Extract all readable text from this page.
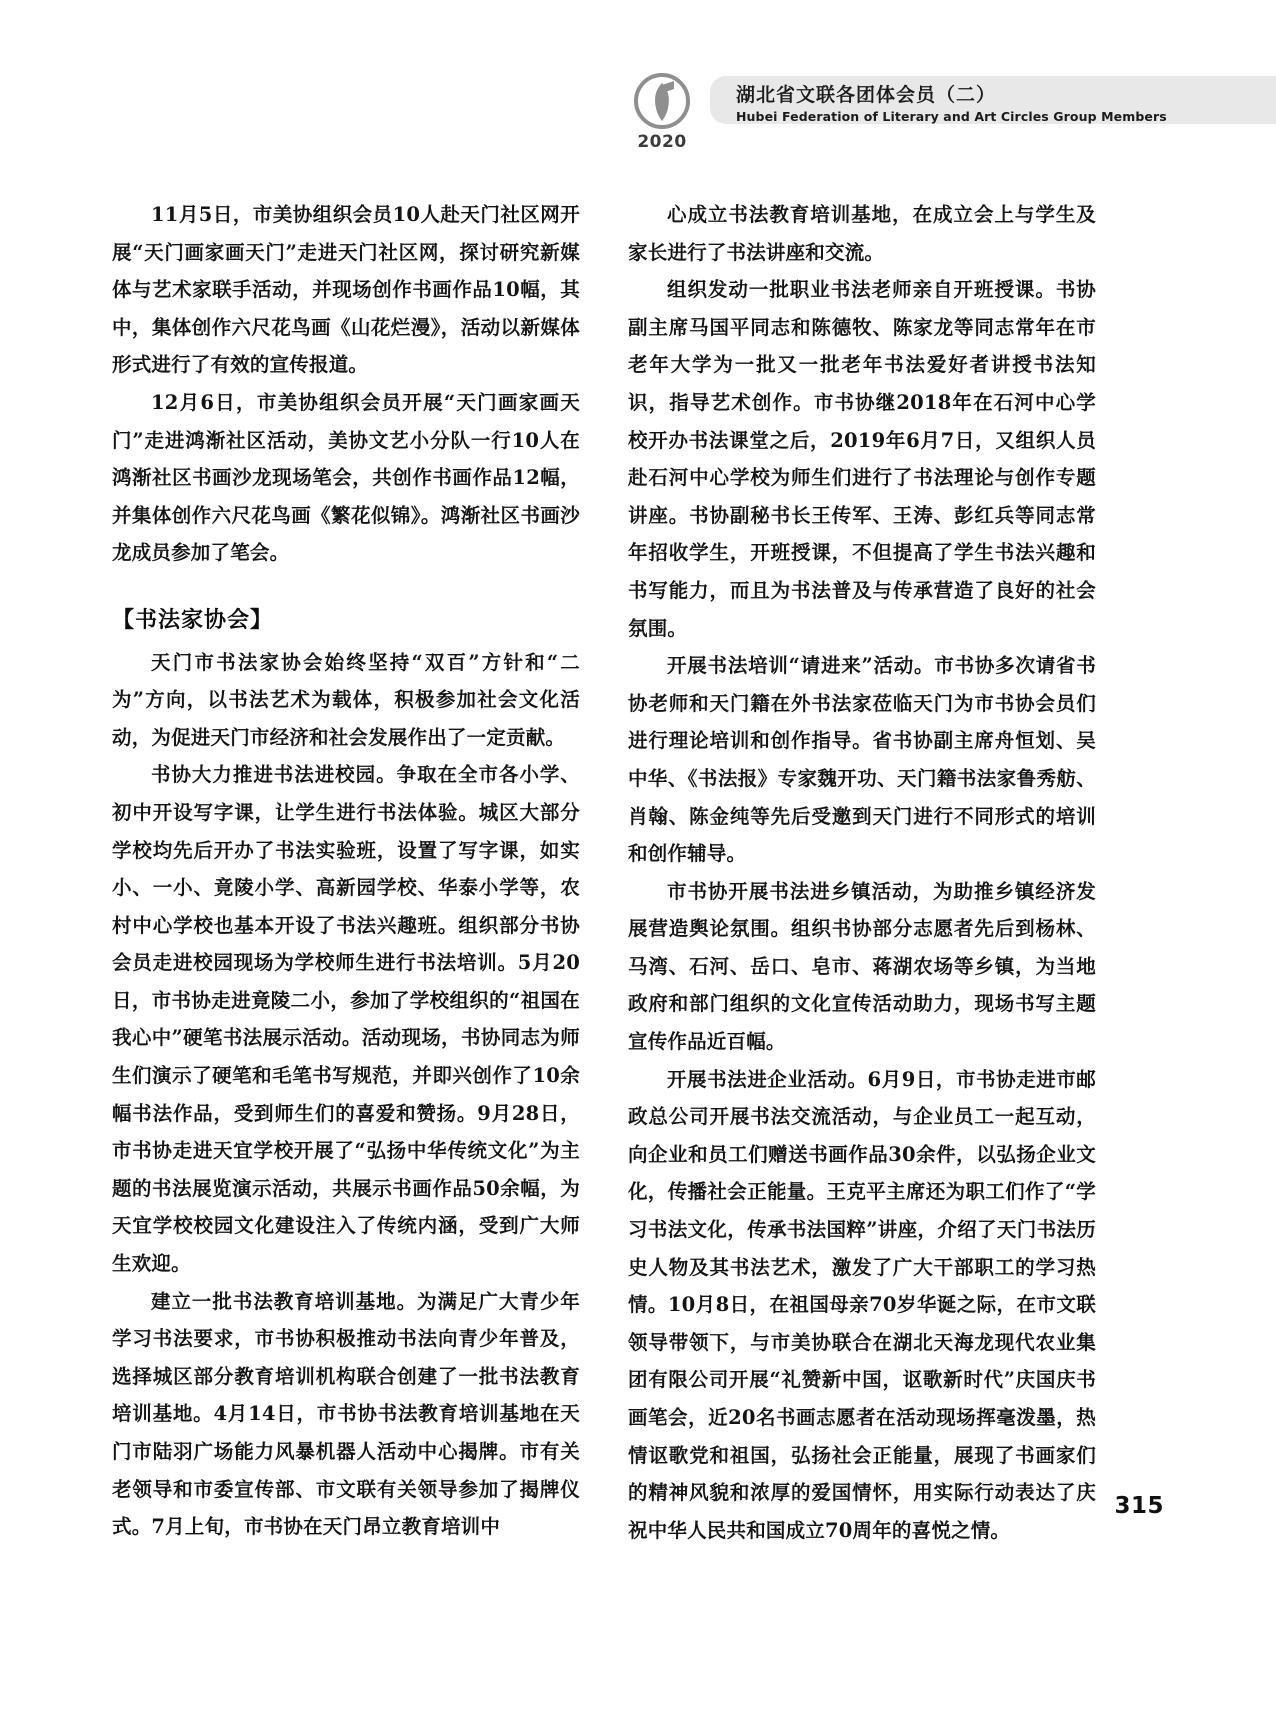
2020
湖北省文联各团体会员（二）
Hubei Federation of Literary and Art Circles Group Members

11月5日，市美协组织会员10人赴天门社区网开展“天门画家画天门”走进天门社区网，探讨研究新媒体与艺术家联手活动，并现场创作书画作品10幅，其中，集体创作六尺花鸟画《山花烂漫》，活动以新媒体形式进行了有效的宣传报道。

12月6日，市美协组织会员开展“天门画家画天门”走进鸿渐社区活动，美协文艺小分队一行10人在鸿渐社区书画沙龙现场笔会，共创作书画作品12幅，并集体创作六尺花鸟画《繁花似锦》。鸿渐社区书画沙龙成员参加了笔会。

【书法家协会】

天门市书法家协会始终坚持“双百”方针和“二为”方向，以书法艺术为载体，积极参加社会文化活动，为促进天门市经济和社会发展作出了一定贡献。

书协大力推进书法进校园。争取在全市各小学、初中开设写字课，让学生进行书法体验。城区大部分学校均先后开办了书法实验班，设置了写字课，如实小、一小、竟陵小学、高新园学校、华泰小学等，农村中心学校也基本开设了书法兴趣班。组织部分书协会员走进校园现场为学校师生进行书法培训。5月20日，市书协走进竟陵二小，参加了学校组织的“祖国在我心中”硬笔书法展示活动。活动现场，书协同志为师生们演示了硬笔和毛笔书写规范，并即兴创作了10余幅书法作品，受到师生们的喜爱和赞扬。9月28日，市书协走进天宜学校开展了“弘扬中华传统文化”为主题的书法展览演示活动，共展示书画作品50余幅，为天宜学校校园文化建设注入了传统内涵，受到广大师生欢迎。

建立一批书法教育培训基地。为满足广大青少年学习书法要求，市书协积极推动书法向青少年普及，选择城区部分教育培训机构联合创建了一批书法教育培训基地。4月14日，市书协书法教育培训基地在天门市陆羽广场能力风暴机器人活动中心揭牌。市有关老领导和市委宣传部、市文联有关领导参加了揭牌仪式。7月上旬，市书协在天门昂立教育培训中

心成立书法教育培训基地，在成立会上与学生及家长进行了书法讲座和交流。

组织发动一批职业书法老师亲自开班授课。书协副主席马国平同志和陈德牧、陈家龙等同志常年在市老年大学为一批又一批老年书法爱好者讲授书法知识，指导艺术创作。市书协继2018年在石河中心学校开办书法课堂之后，2019年6月7日，又组织人员赴石河中心学校为师生们进行了书法理论与创作专题讲座。书协副秘书长王传军、王涛、彭红兵等同志常年招收学生，开班授课，不但提高了学生书法兴趣和书写能力，而且为书法普及与传承营造了良好的社会氛围。

开展书法培训“请进来”活动。市书协多次请省书协老师和天门籍在外书法家莅临天门为市书协会员们进行理论培训和创作指导。省书协副主席舟恒划、吴中华、《书法报》专家魏开功、天门籍书法家鲁秀舫、肖翰、陈金纯等先后受邀到天门进行不同形式的培训和创作辅导。

市书协开展书法进乡镇活动，为助推乡镇经济发展营造舆论氛围。组织书协部分志愿者先后到杨林、马湾、石河、岳口、皂市、蒋湖农场等乡镇，为当地政府和部门组织的文化宣传活动助力，现场书写主题宣传作品近百幅。

开展书法进企业活动。6月9日，市书协走进市邮政总公司开展书法交流活动，与企业员工一起互动，向企业和员工们赠送书画作品30余件，以弘扬企业文化，传播社会正能量。王克平主席还为职工们作了“学习书法文化，传承书法国粹”讲座，介绍了天门书法历史人物及其书法艺术，激发了广大干部职工的学习热情。10月8日，在祖国母亲70岁华诞之际，在市文联领导带领下，与市美协联合在湖北天海龙现代农业集团有限公司开展“礼赞新中国，讴歌新时代”庆国庆书画笔会，近20名书画志愿者在活动现场挥毫泼墨，热情讴歌党和祖国，弘扬社会正能量，展现了书画家们的精神风貌和浓厚的爱国情怀，用实际行动表达了庆祝中华人民共和国成立70周年的喜悦之情。

315
